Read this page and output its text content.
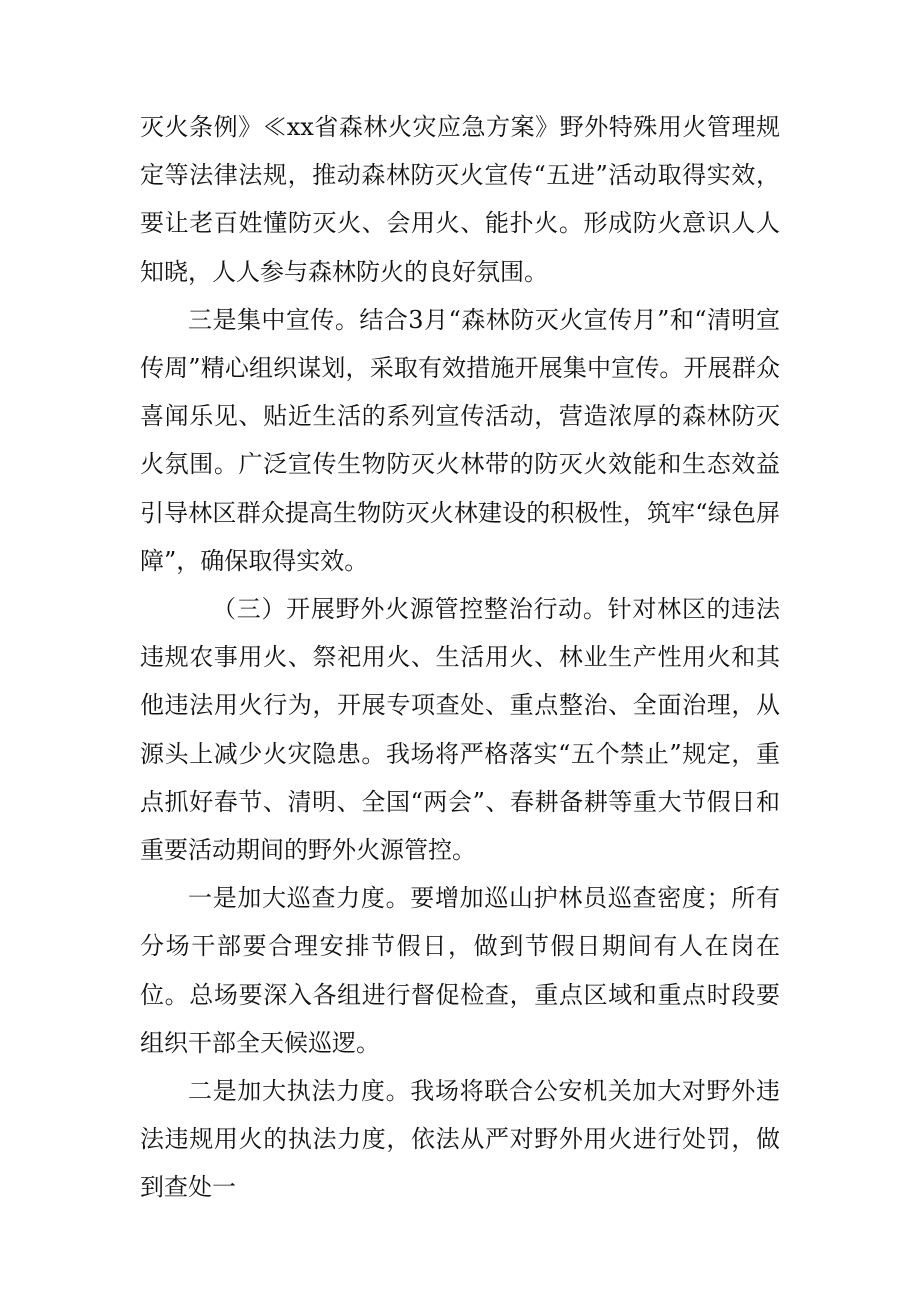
灭火条例》≪xx省森林火灾应急方案》野外特殊用火管理规定等法律法规，推动森林防灭火宣传“五进”活动取得实效，要让老百姓懂防灭火、会用火、能扑火。形成防火意识人人知晓，人人参与森林防火的良好氛围。

三是集中宣传。结合3月“森林防灭火宣传月”和“清明宣传周”精心组织谋划，采取有效措施开展集中宣传。开展群众喜闻乐见、贴近生活的系列宣传活动，营造浓厚的森林防灭火氛围。广泛宣传生物防灭火林带的防灭火效能和生态效益引导林区群众提高生物防灭火林建设的积极性，筑牢“绿色屏障”，确保取得实效。

（三）开展野外火源管控整治行动。针对林区的违法违规农事用火、祭祀用火、生活用火、林业生产性用火和其他违法用火行为，开展专项查处、重点整治、全面治理，从源头上减少火灾隐患。我场将严格落实“五个禁止”规定，重点抓好春节、清明、全国“两会”、春耕备耕等重大节假日和重要活动期间的野外火源管控。

一是加大巡查力度。要增加巡山护林员巡查密度；所有分场干部要合理安排节假日，做到节假日期间有人在岗在位。总场要深入各组进行督促检查，重点区域和重点时段要组织干部全天候巡逻。

二是加大执法力度。我场将联合公安机关加大对野外违法违规用火的执法力度，依法从严对野外用火进行处罚，做到查处一
